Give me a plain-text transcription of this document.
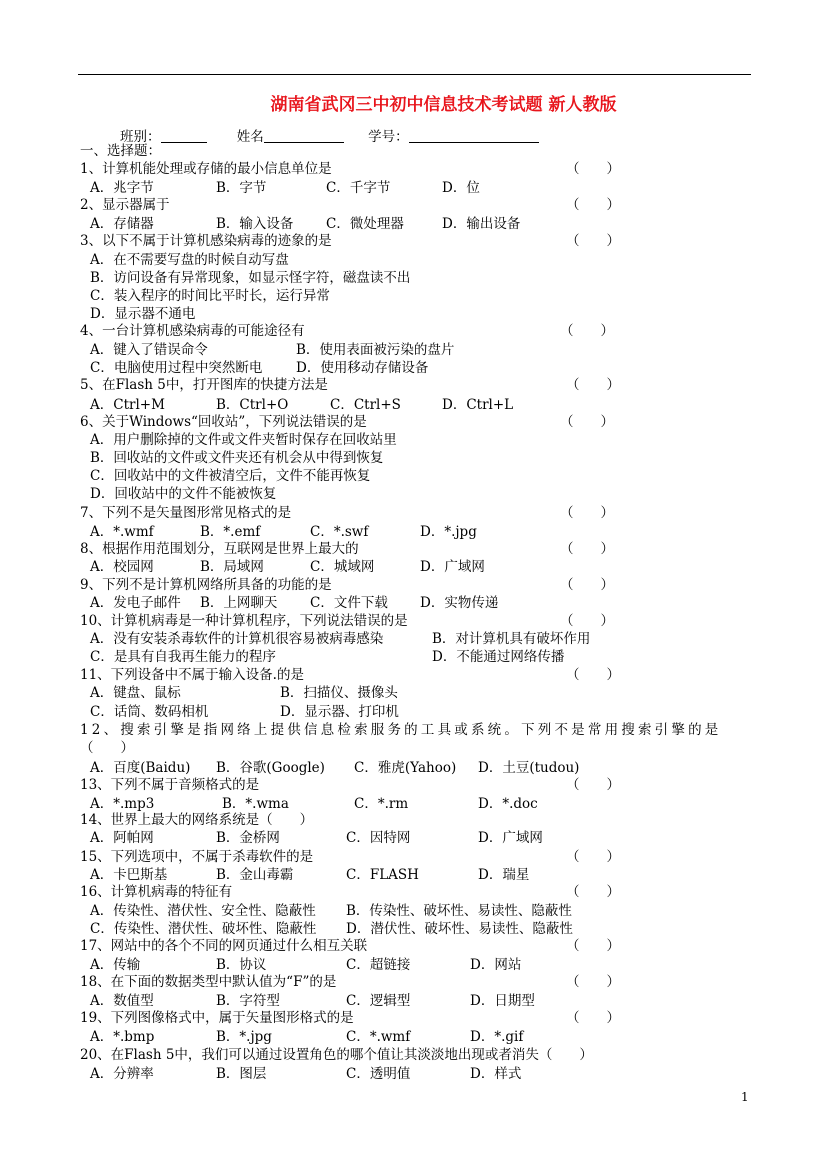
湖南省武冈三中初中信息技术考试题 新人教版
班别：	姓名	学号：
一、选择题：
1、计算机能处理或存储的最小信息单位是	（　　）
A．兆字节	B．字节	C．千字节	D．位
2、显示器属于	（　　）
A．存储器	B．输入设备 C．微处理器	D．输出设备
3、以下不属于计算机感染病毒的迹象的是	（　　）
A．在不需要写盘的时候自动写盘
B．访问设备有异常现象，如显示怪字符，磁盘读不出
C．装入程序的时间比平时长，运行异常
D．显示器不通电
4、一台计算机感染病毒的可能途径有	（　　）
A．键入了错误命令	B．使用表面被污染的盘片
C．电脑使用过程中突然断电 D．使用移动存储设备
5、在Flash 5中，打开图库的快捷方法是	（　　）
A．Ctrl+M	B．Ctrl+O	C．Ctrl+S	D．Ctrl+L
6、关于Windows“回收站”，下列说法错误的是	（　　）
A．用户删除掉的文件或文件夹暂时保存在回收站里
B．回收站的文件或文件夹还有机会从中得到恢复
C．回收站中的文件被清空后，文件不能再恢复
D．回收站中的文件不能被恢复
7、下列不是矢量图形常见格式的是	（　　）
A．*.wmf	B．*.emf	C．*.swf	D．*.jpg
8、根据作用范围划分，互联网是世界上最大的	（　　）
A．校园网	B．局域网	C．城域网	D．广域网
9、下列不是计算机网络所具备的功能的是	（　　）
A．发电子邮件 B．上网聊天 C．文件下载 D．实物传递
10、计算机病毒是一种计算机程序，下列说法错误的是	（　　）
A．没有安装杀毒软件的计算机很容易被病毒感染	B．对计算机具有破坏作用
C．是具有自我再生能力的程序	D．不能通过网络传播
11、下列设备中不属于输入设备.的是	（　　）
A．键盘、鼠标	B．扫描仪、摄像头
C．话筒、数码相机	D．显示器、打印机
12、搜索引擎是指网络上提供信息检索服务的工具或系统。下列不是常用搜索引擎的是
（　　）
A．百度(Baidu) B．谷歌(Google) C．雅虎(Yahoo) D．土豆(tudou)
13、下列不属于音频格式的是	（　　）
A．*.mp3	B．*.wma	C．*.rm	D．*.doc
14、世界上最大的网络系统是（　　）
A．阿帕网	B．金桥网	C．因特网	D．广域网
15、下列选项中，不属于杀毒软件的是	（　　）
A．卡巴斯基	B．金山毒霸	C．FLASH	D．瑞星
16、计算机病毒的特征有	（　　）
A．传染性、潜伏性、安全性、隐蔽性 B．传染性、破坏性、易读性、隐蔽性
C．传染性、潜伏性、破坏性、隐蔽性 D．潜伏性、破坏性、易读性、隐蔽性
17、网站中的各个不同的网页通过什么相互关联	（　　）
A．传输	B．协议	C．超链接	D．网站
18、在下面的数据类型中默认值为“F”的是	（　　）
A．数值型	B．字符型	C．逻辑型	D．日期型
19、下列图像格式中，属于矢量图形格式的是	（　　）
A．*.bmp	B．*.jpg	C．*.wmf	D．*.gif
20、在Flash 5中，我们可以通过设置角色的哪个值让其淡淡地出现或者消失（　　）
A．分辨率	B．图层	C．透明值	D．样式
1
